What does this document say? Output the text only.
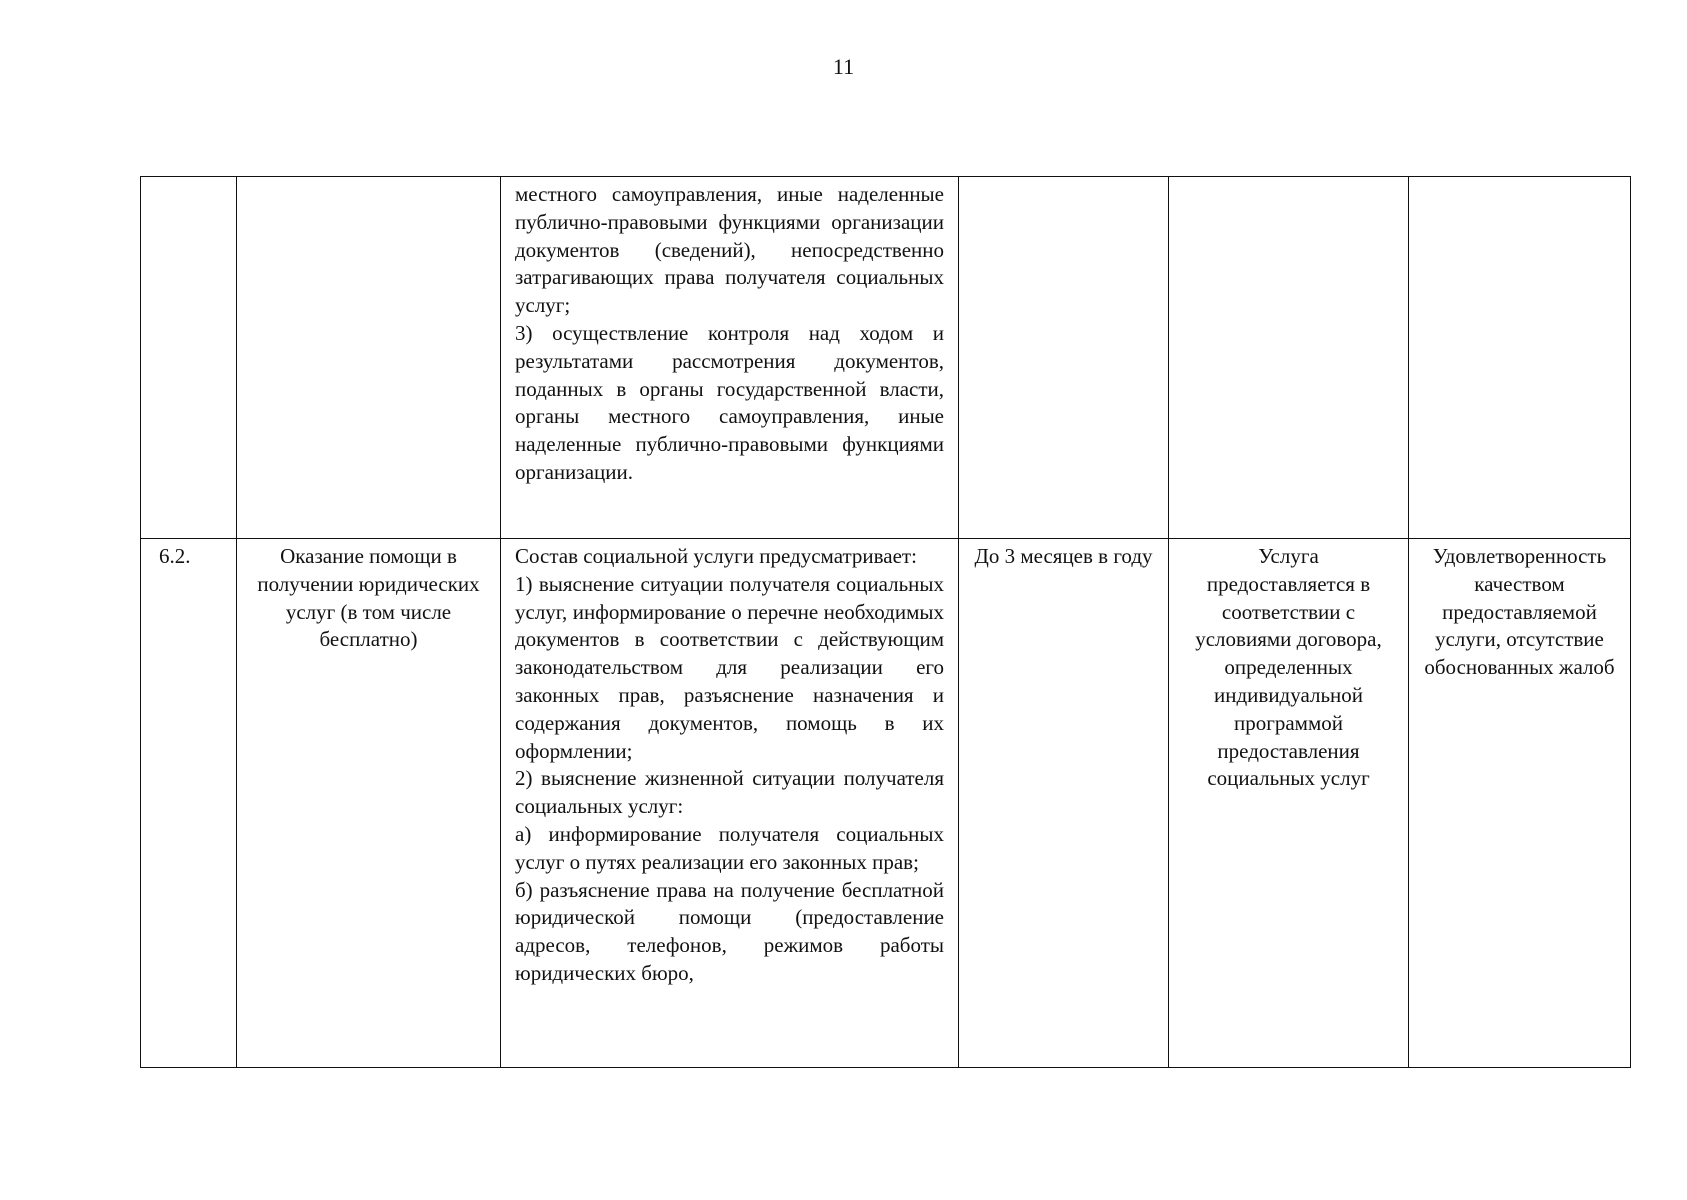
11

		местного самоуправления, иные наделенные публично-правовыми функциями организации документов (сведений), непосредственно затрагивающих права получателя социальных услуг;
3) осуществление контроля над ходом и результатами рассмотрения документов, поданных в органы государственной власти, органы местного самоуправления, иные наделенные публично-правовыми функциями организации.			

6.2.	Оказание помощи в получении юридических услуг (в том числе бесплатно)	Состав социальной услуги предусматривает:
1) выяснение ситуации получателя социальных услуг, информирование о перечне необходимых документов в соответствии с действующим законодательством для реализации его законных прав, разъяснение назначения и содержания документов, помощь в их оформлении;
2) выяснение жизненной ситуации получателя социальных услуг:
а) информирование получателя социальных услуг о путях реализации его законных прав;
б) разъяснение права на получение бесплатной юридической помощи (предоставление адресов, телефонов, режимов работы юридических бюро,	До 3 месяцев в году	Услуга предоставляется в соответствии с условиями договора, определенных индивидуальной программой предоставления социальных услуг	Удовлетворенность качеством предоставляемой услуги, отсутствие обоснованных жалоб
